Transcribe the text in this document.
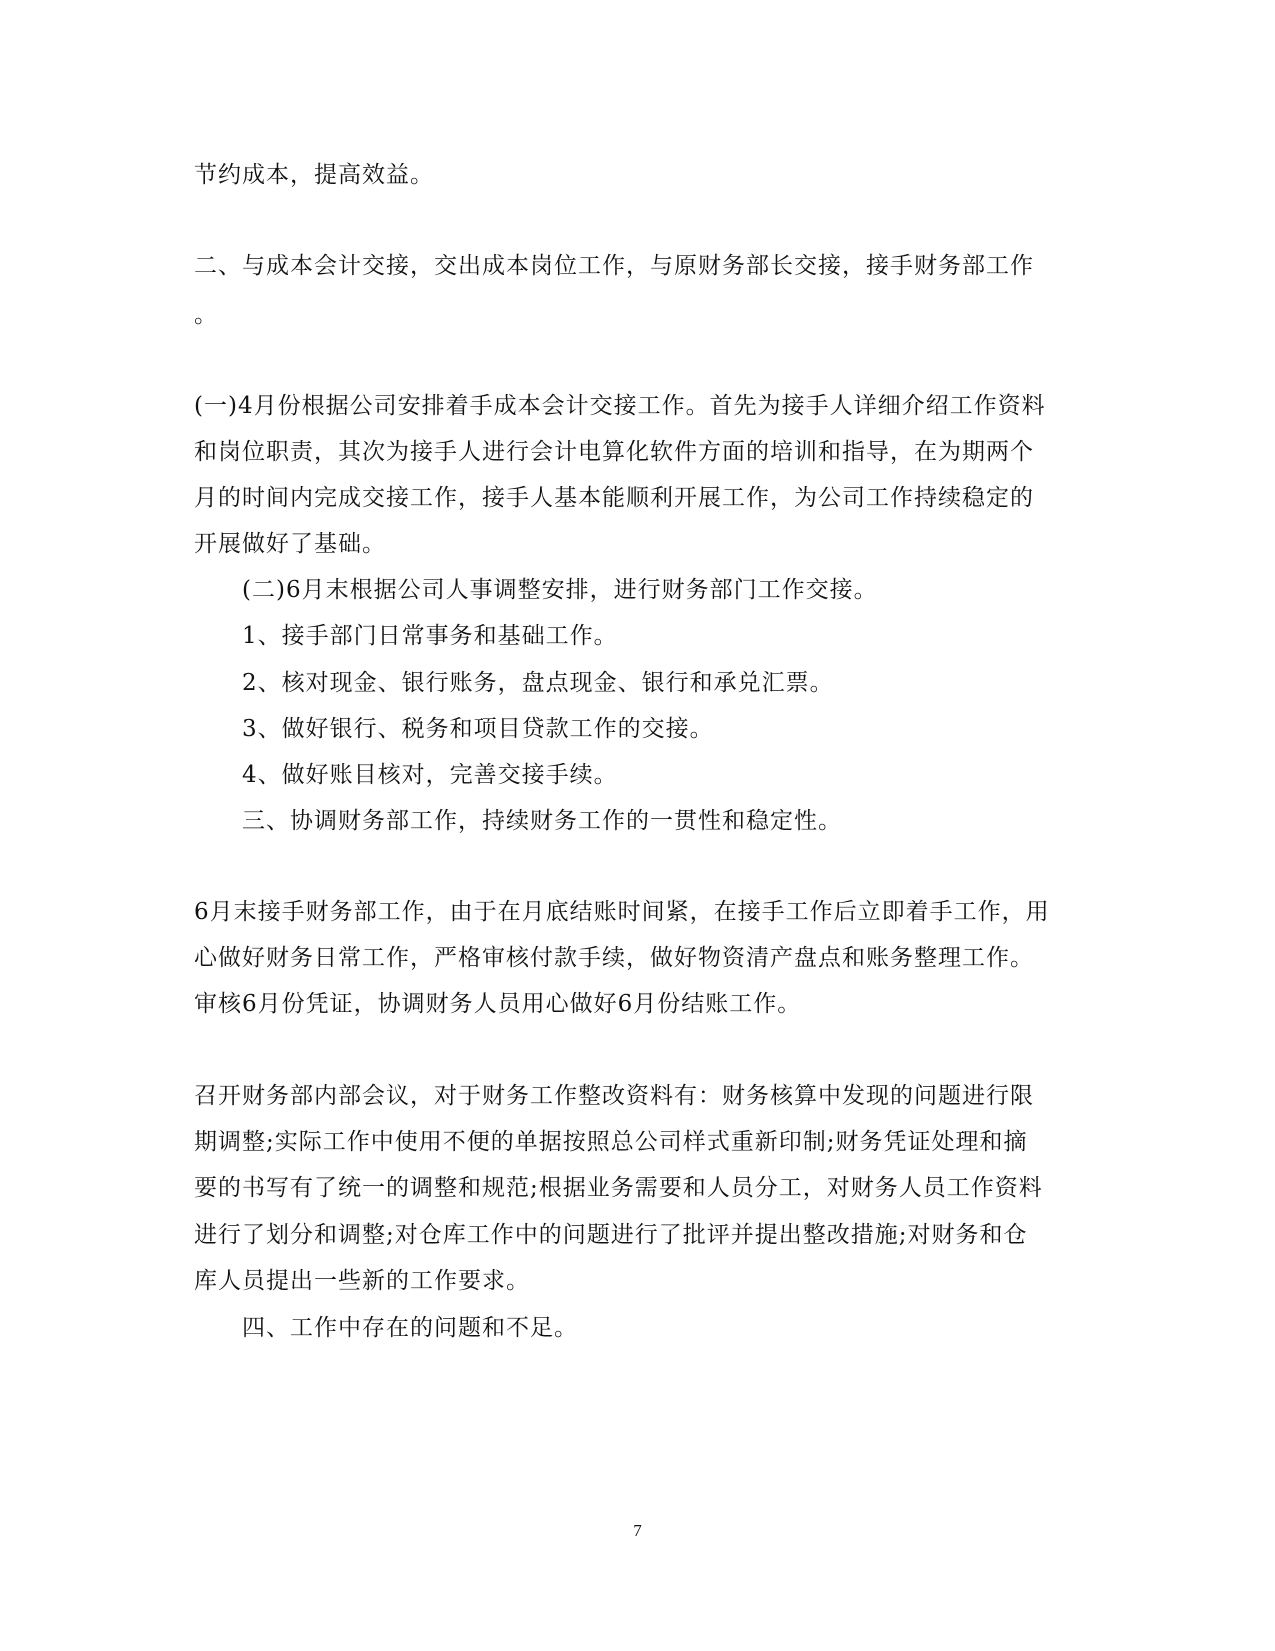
节约成本，提高效益。
二、与成本会计交接，交出成本岗位工作，与原财务部长交接，接手财务部工作
。
(一)4月份根据公司安排着手成本会计交接工作。首先为接手人详细介绍工作资料
和岗位职责，其次为接手人进行会计电算化软件方面的培训和指导，在为期两个
月的时间内完成交接工作，接手人基本能顺利开展工作，为公司工作持续稳定的
开展做好了基础。
(二)6月末根据公司人事调整安排，进行财务部门工作交接。
1、接手部门日常事务和基础工作。
2、核对现金、银行账务，盘点现金、银行和承兑汇票。
3、做好银行、税务和项目贷款工作的交接。
4、做好账目核对，完善交接手续。
三、协调财务部工作，持续财务工作的一贯性和稳定性。
6月末接手财务部工作，由于在月底结账时间紧，在接手工作后立即着手工作，用
心做好财务日常工作，严格审核付款手续，做好物资清产盘点和账务整理工作。
审核6月份凭证，协调财务人员用心做好6月份结账工作。
召开财务部内部会议，对于财务工作整改资料有：财务核算中发现的问题进行限
期调整;实际工作中使用不便的单据按照总公司样式重新印制;财务凭证处理和摘
要的书写有了统一的调整和规范;根据业务需要和人员分工，对财务人员工作资料
进行了划分和调整;对仓库工作中的问题进行了批评并提出整改措施;对财务和仓
库人员提出一些新的工作要求。
四、工作中存在的问题和不足。
7
